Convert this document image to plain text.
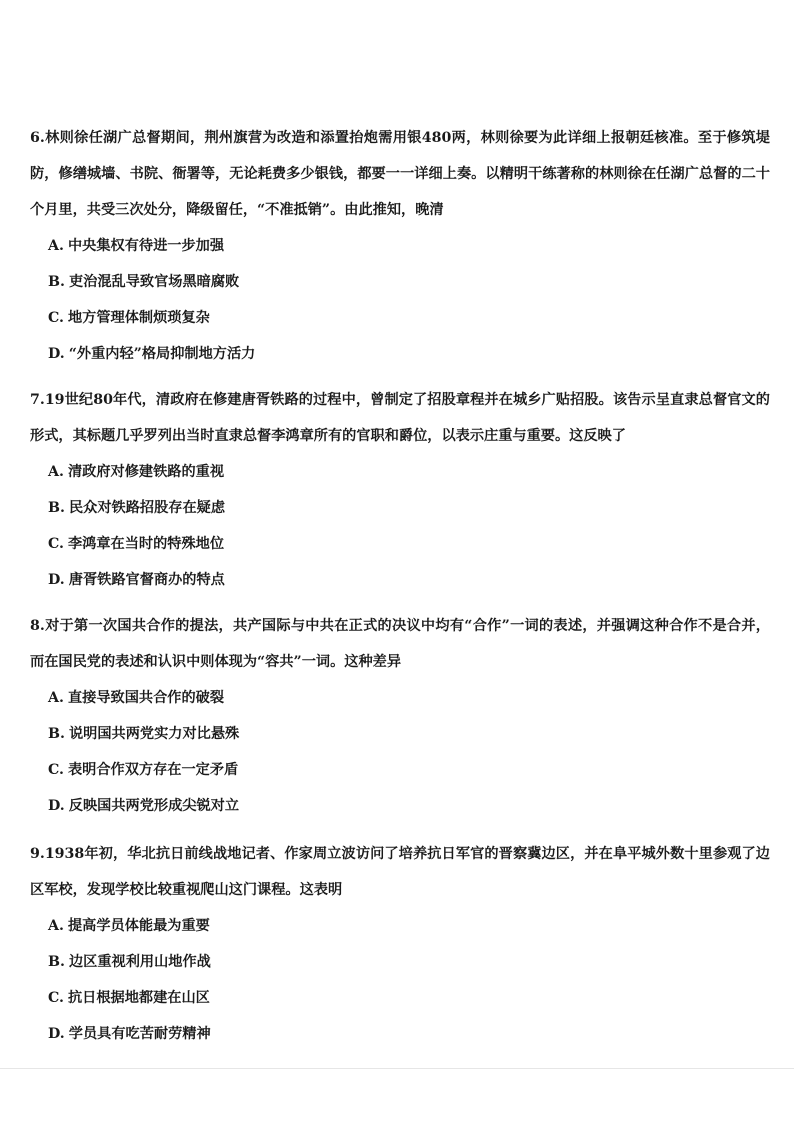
6.林则徐任湖广总督期间，荆州旗营为改造和添置抬炮需用银480两，林则徐要为此详细上报朝廷核准。至于修筑堤防，修缮城墙、书院、衙署等，无论耗费多少银钱，都要一一详细上奏。以精明干练著称的林则徐在任湖广总督的二十个月里，共受三次处分，降级留任，“不准抵销”。由此推知，晚清

A. 中央集权有待进一步加强
B. 吏治混乱导致官场黑暗腐败
C. 地方管理体制烦琐复杂
D. “外重内轻”格局抑制地方活力

7.19世纪80年代，清政府在修建唐胥铁路的过程中，曾制定了招股章程并在城乡广贴招股。该告示呈直隶总督官文的形式，其标题几乎罗列出当时直隶总督李鸿章所有的官职和爵位，以表示庄重与重要。这反映了

A. 清政府对修建铁路的重视
B. 民众对铁路招股存在疑虑
C. 李鸿章在当时的特殊地位
D. 唐胥铁路官督商办的特点

8.对于第一次国共合作的提法，共产国际与中共在正式的决议中均有“合作”一词的表述，并强调这种合作不是合并，而在国民党的表述和认识中则体现为“容共”一词。这种差异

A. 直接导致国共合作的破裂
B. 说明国共两党实力对比悬殊
C. 表明合作双方存在一定矛盾
D. 反映国共两党形成尖锐对立

9.1938年初，华北抗日前线战地记者、作家周立波访问了培养抗日军官的晋察冀边区，并在阜平城外数十里参观了边区军校，发现学校比较重视爬山这门课程。这表明

A. 提高学员体能最为重要
B. 边区重视利用山地作战
C. 抗日根据地都建在山区
D. 学员具有吃苦耐劳精神
